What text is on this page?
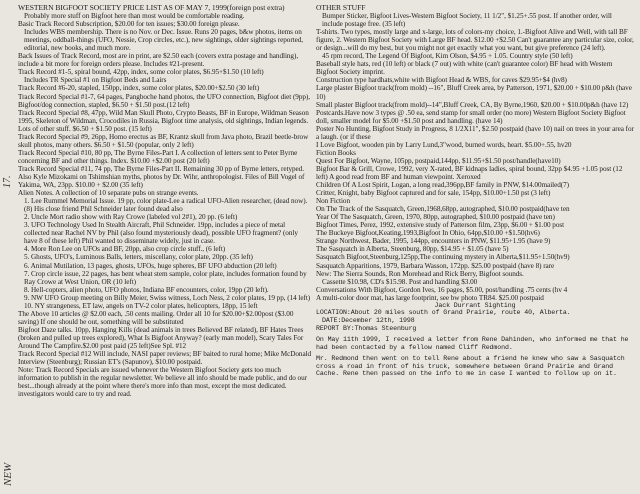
17.
NEW

WESTERN BIGFOOT SOCIETY PRICE LIST AS OF MAY 7, 1999(foreign post extra)

Probably more stuff on Bigfoot here than most would be comfortable reading.

Basic Track Record Subscription, $20.00 for ten issues; $30.00 foreign please.

Includes WBS membership. There is no Nov. or Dec. Issue. Runs 20 pages, b&w photos, items on meetings, oddball-things (UFO, Nessie, Crop circles, etc.), new sightings, older sightings reported, editorial, new books, and much more.

Back Issues of Track Record, most are in print, are $2.50 each (covers extra postage and handling), include a bit more for foreign orders please. Includes #21-present.

Track Record #1-5, spiral bound, 42pp, index, some color plates, $6.95+$1.50 (10 left)

Includes TR Special #1 on Bigfoot Beds and Lairs

Track Record #6-20, stapled, 150pp, index, some color plates, $20.00+$2.50 (30 left)

Track Record Special #1-7, 64 pages, Pangboche hand photos, the UFO connection, Bigfoot diet (9pp), Bigfoot/dog connection, stapled, $6.50 + $1.50 post.(12 left)

Track Record Special #8, 47pp, Wild Man Skull Photo, Crypto Beasts, BF in Europe, Wildman Season 1995, Skeleton of Wildman, Crocodiles in Russia, Bigfoot time analysis, old sightings, Indian legends. Lots of other stuff. $6.50 + $1.50 post. (15 left)

Track Record Special #9, 26pp, Homo erectus as BF, Krantz skull from Java photo, Brazil beetle-brow skull photos, many others. $6.50 + $1.50 (popular, only 2 left)

Track Record Special #10, 80 pp, The Byrne Files-Part I. A collection of letters sent to Peter Byrne concerning BF and other things. Index. $10.00 +$2.00 post (20 left)

Track Record Special #11, 74 pp, The Byrne Files-Part II. Remaining 30 pp of Byrne letters, retyped. Also Kyle Mizokami on Tshimshian myths, photos by Dr. Wihr, anthropologist. Files of Bill Vogel of Yakima, WA, 23pp. $10.00 + $2.00 (35 left)

Alien Notes. A collection of 10 separate pubs on strange events.

1. Lee Rummel Memorial Issue. 19 pp, color plate-Lee a radical UFO-Alien researcher, (dead now). (8) His close friend Phil Schneider later found dead also

2. Uncle Mort radio show with Ray Crowe (labeled vol 2#1), 20 pp. (6 left)

3. UFO Technology Used In Stealth Aircraft, Phil Schneider. 19pp, includes a piece of metal collected near Rachel NV by Phil (also found mysteriously dead), possible UFO fragment? (only have 8 of these left) Phil wanted to disseminate widely, just in case.

4. More Ron Lee on UFOs and BF, 20pp, also crop circle stuff., (6 left)

5. Ghosts, UFO's, Luminous Balls, letters, miscellany, color plate, 20pp. (35 left)

6. Animal Mutilation, 13 pages, ghosts, UFOs, huge spheres, BF UFO abduction (20 left)

7. Crop circle issue, 22 pages, has bent wheat stem sample, color plate, includes formation found by Ray Crowe at West Union, OR (10 left)

8. Hell-copters, alien photo, UFO photos, Indiana BF encounters, color, 19pp (20 left).

9. NW UFO Group meeting on Billy Meier, Swiss witness, Loch Ness, 2 color plates, 19 pp, (14 left)

10. NY strangeness, ET law, angels on TV-2 color plates, helicopters, 18pp, 15 left

The Above 10 articles @ $2.00 each, .50 cents mailing. Order all 10 for $20.00+$2.00post ($3.00 saving) If one should be out, something will be substituted

Bigfoot Daze talks. 10pp, Hanging Kills (dead animals in trees Believed BF related), BF Hates Trees (broken and pulled up trees explored), What Is Bigfoot Anyway? (early man model), Scary Tales For Around The Campfire.$2.00 post paid (25 left)See Spl. #12

Track Record Special #12 Will include, NASI paper reviews; BF baited to rural home; Mike McDonald Interview (Steenburg); Russian ET's (Sapunov), $10.00 postpaid.

Note: Track Record Specials are issued whenever the Western Bigfoot Society gets too much information to publish in the regular newsletter. We believe all info should be made public, and do our best...though already at the point where there's more info than most, except the most dedicated. investigators would care to try and read.

OTHER STUFF

Bumper Sticker, Bigfoot Lives-Western Bigfoot Society, 11 1/2", $1.25+.55 post. If another order, will include postage free. (35 left)

T-shirts. Two types, mostly large and x-large, lots of colors-my choice, 1.-Bigfoot Alive and Well, with tall BF figure, 2. Western Bigfoot Society with Large BF head. $12.00 +$2.50 Can't guarantee any particular size, color, or design...will do my best, but you might not get exactly what you want, but give preference (24 left).

45 rpm record, The Legend Of Bigfoot, Kim Olson, $4.95 + 1.05. Country style (50 left)

Baseball style hats, red (10 left) or black (7 out) with white (can't guarantee color) BF head with Western Bigfoot Society imprint.

Construction type hardhats,white with Bigfoot Head & WBS, for caves $29.95+$4 (hv8)

Large plaster Bigfoot track(from mold) --16", Bluff Creek area, by Patterson, 1971, $20.00 + $10.00 p&h (have 10)

Small plaster Bigfoot track(from mold)--14",Bluff Creek, CA, By Byrne,1960, $20.00 + $10.00p&h (have 12)

Postcards.Have now 3 types @ .50 ea, send stamp for small order (no more) Western Bigfoot Society Bigfoot doll, smaller model for $5.00 +$1.50 post and handling. (have 14)

Poster No Hunting, Bigfoot Study in Progress, 8 1/2X11", $2.50 postpaid (have 10) nail on trees in your area for a laugh. (or if these

I Love Bigfoot, wooden pin by Larry Lund,3"wood, burned words, heart. $5.00+.55, hv20

Fiction Books

Quest For Bigfoot, Wayne, 105pp, postpaid,144pp, $11.95+$1.50 post/handle(have10)

Bigfoot Bar & Grill, Crowe, 1992, very X-rated, BF kidnaps ladies, spiral bound, 32pp $4.95 +1.05 post (12 left) A good read from BF and human viewpoint. Xeroxed

Children Of A Lost Spirit, Logan, a long read,396pp,BF family in PNW, $14.00mailed(7)

Critter, Knight, baby Bigfoot captured and for sale, 154pp, $10.00+1.50 pst (3 left)

Non Fiction

On The Track of the Sasquatch, Green,1968,68pp, autographed, $10.00 postpaid(have ten

Year Of The Sasquatch, Green, 1970, 80pp, autographed, $10.00 postpaid (have ten)

Bigfoot Times, Perez, 1992, extensive study of Patterson film, 23pp, $6.00 + $1.00 post

The Buckeye Bigfoot,Keating,1993,Bigfoot In Ohio, 64pp,$10.00 +$1.50(hv6)

Strange Northwest, Bader, 1995, 144pp, encounters in PNW, $11.95+1.95 (have 9)

The Sasquatch in Alberta, Steenburg, 80pp, $14.95 + $1.05 (have 5)

Sasquatch Bigfoot,Steenburg,125pp,The continuing mystery in Alberta,$11.95+1.50(hv9)

Sasquatch Apparitions, 1979, Barbara Wasson, 172pp. $25.00 postpaid (have 8) rare

New: The Sierra Sounds, Ron Morehead and Rick Berry, Bigfoot sounds.

Cassette $10.98, CD's $15.98. Post and handling $3.00

Conversations With Bigfoot, Gordon Ives, 16 pages, $5.00, post/handling .75 cents (hv 4

A multi-color door mat, has large footprint, see bw photo TR84. $25.00 postpaid

Jack Durrant Sighting

LOCATION:About 20 miles south of Grand Prairie, route 40, Alberta.

DATE:December 12th, 1998

REPORT BY:Thomas Steenburg

On May 11th 1999, I received a letter from Rene Dahinden, who informed me that he had been contacted by a fellow named Cliff Redmond.

Mr. Redmond then went on to tell Rene about a friend he knew who saw a Sasquatch cross a road in front of his truck, somewhere between Grand Prairie and Grand Cache. Rene then passed on the info to me in case I wanted to follow up on it.
